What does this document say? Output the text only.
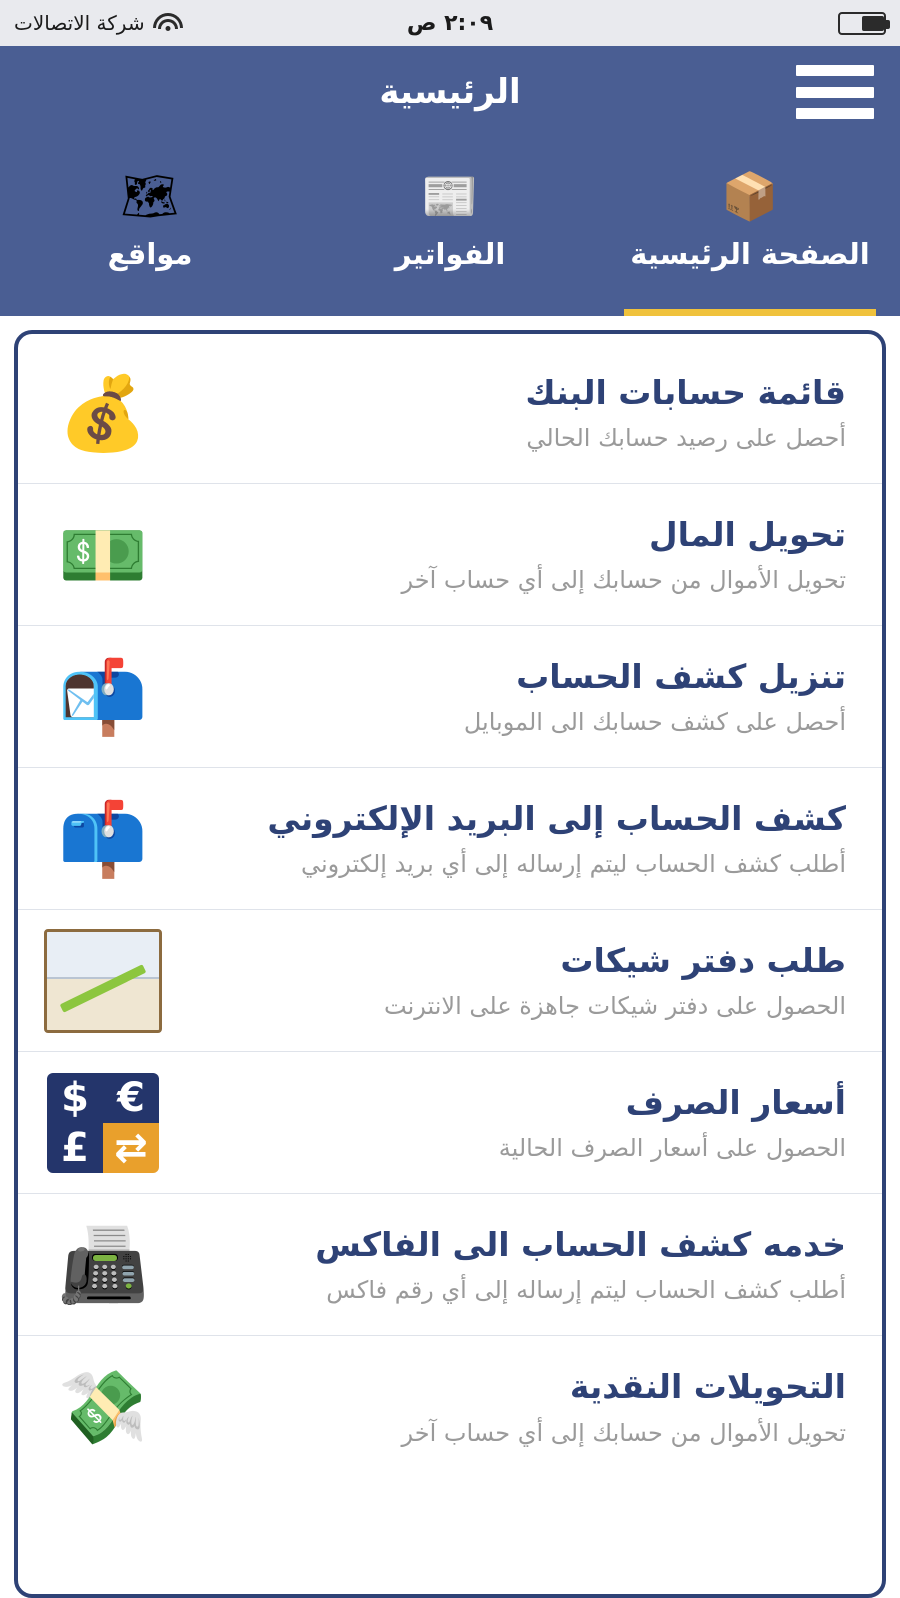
٢:٠٩ ص
شركة الاتصالات
الرئيسية
📦
الصفحة الرئيسية
📰
الفواتير
🗺
مواقع
قائمة حسابات البنك
أحصل على رصيد حسابك الحالي
💰
تحويل المال
تحويل الأموال من حسابك إلى أي حساب آخر
💵
تنزيل كشف الحساب
أحصل على كشف حسابك الى الموبايل
📬
كشف الحساب إلى البريد الإلكتروني
أطلب كشف الحساب ليتم إرساله إلى أي بريد إلكتروني
📫
طلب دفتر شيكات
الحصول على دفتر شيكات جاهزة على الانترنت
أسعار الصرف
الحصول على أسعار الصرف الحالية
€
$
⇄
£
خدمه كشف الحساب الى الفاكس
أطلب كشف الحساب ليتم إرساله إلى أي رقم فاكس
📠
التحويلات النقدية
تحويل الأموال من حسابك إلى أي حساب آخر
💸
